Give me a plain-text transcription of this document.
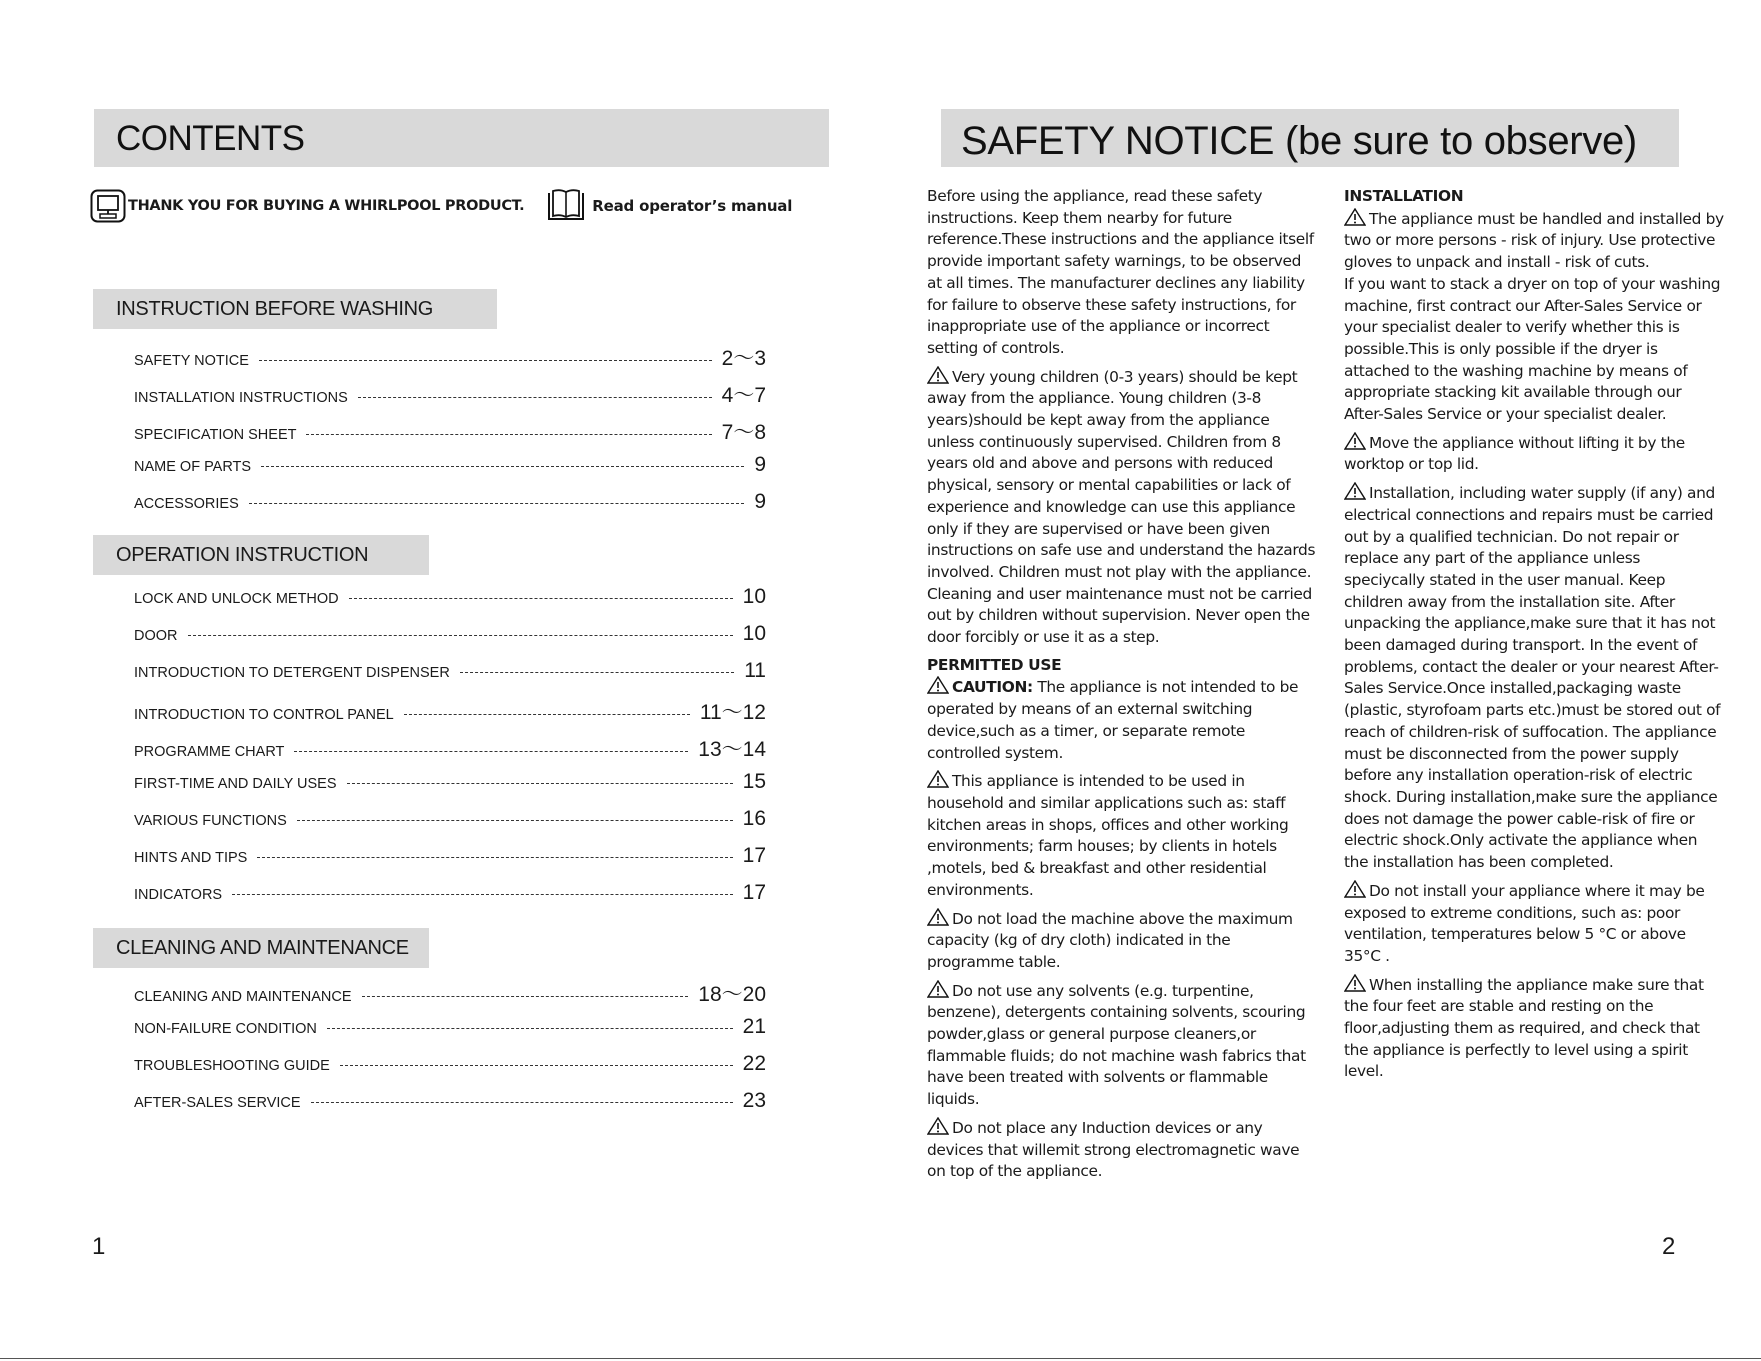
CONTENTS
THANK YOU FOR BUYING A WHIRLPOOL PRODUCT.	Read operator’s manual
INSTRUCTION BEFORE WASHING
SAFETY NOTICE	2～3
INSTALLATION INSTRUCTIONS	4～7
SPECIFICATION SHEET	7～8
NAME OF PARTS	9
ACCESSORIES	9
OPERATION INSTRUCTION
LOCK AND UNLOCK METHOD	10
DOOR	10
INTRODUCTION TO DETERGENT DISPENSER	11
INTRODUCTION TO CONTROL PANEL	11～12
PROGRAMME CHART	13～14
FIRST-TIME AND DAILY USES	15
VARIOUS FUNCTIONS	16
HINTS AND TIPS	17
INDICATORS	17
CLEANING AND MAINTENANCE
CLEANING AND MAINTENANCE	18～20
NON-FAILURE CONDITION	21
TROUBLESHOOTING GUIDE	22
AFTER-SALES SERVICE	23
1
SAFETY NOTICE (be sure to observe)

Before using the appliance, read these safety instructions. Keep them nearby for future reference.These instructions and the appliance itself provide important safety warnings, to be observed at all times. The manufacturer declines any liability for failure to observe these safety instructions, for inappropriate use of the appliance or incorrect setting of controls.

Very young children (0-3 years) should be kept away from the appliance. Young children (3-8 years)should be kept away from the appliance unless continuously supervised. Children from 8 years old and above and persons with reduced physical, sensory or mental capabilities or lack of experience and knowledge can use this appliance only if they are supervised or have been given instructions on safe use and understand the hazards involved. Children must not play with the appliance. Cleaning and user maintenance must not be carried out by children without supervision. Never open the door forcibly or use it as a step.

PERMITTED USE

CAUTION: The appliance is not intended to be operated by means of an external switching device,such as a timer, or separate remote controlled system.

This appliance is intended to be used in household and similar applications such as: staff kitchen areas in shops, offices and other working environments; farm houses; by clients in hotels ,motels, bed & breakfast and other residential environments.

Do not load the machine above the maximum capacity (kg of dry cloth) indicated in the programme table.

Do not use any solvents (e.g. turpentine, benzene), detergents containing solvents, scouring powder,glass or general purpose cleaners,or flammable fluids; do not machine wash fabrics that have been treated with solvents or flammable liquids.

Do not place any Induction devices or any devices that willemit strong electromagnetic wave on top of the appliance.

INSTALLATION

The appliance must be handled and installed by two or more persons - risk of injury. Use protective gloves to unpack and install - risk of cuts.
If you want to stack a dryer on top of your washing machine, first contract our After-Sales Service or your specialist dealer to verify whether this is possible.This is only possible if the dryer is attached to the washing machine by means of appropriate stacking kit available through our After-Sales Service or your specialist dealer.

Move the appliance without lifting it by the worktop or top lid.

Installation, including water supply (if any) and electrical connections and repairs must be carried out by a qualified technician. Do not repair or replace any part of the appliance unless speciycally stated in the user manual. Keep children away from the installation site. After unpacking the appliance,make sure that it has not been damaged during transport. In the event of problems, contact the dealer or your nearest After-Sales Service.Once installed,packaging waste (plastic, styrofoam parts etc.)must be stored out of reach of children-risk of suffocation. The appliance must be disconnected from the power supply before any installation operation-risk of electric shock. During installation,make sure the appliance does not damage the power cable-risk of fire or electric shock.Only activate the appliance when the installation has been completed.

Do not install your appliance where it may be exposed to extreme conditions, such as: poor ventilation, temperatures below 5 °C or above 35°C .

When installing the appliance make sure that the four feet are stable and resting on the floor,adjusting them as required, and check that the appliance is perfectly to level using a spirit level.

2
